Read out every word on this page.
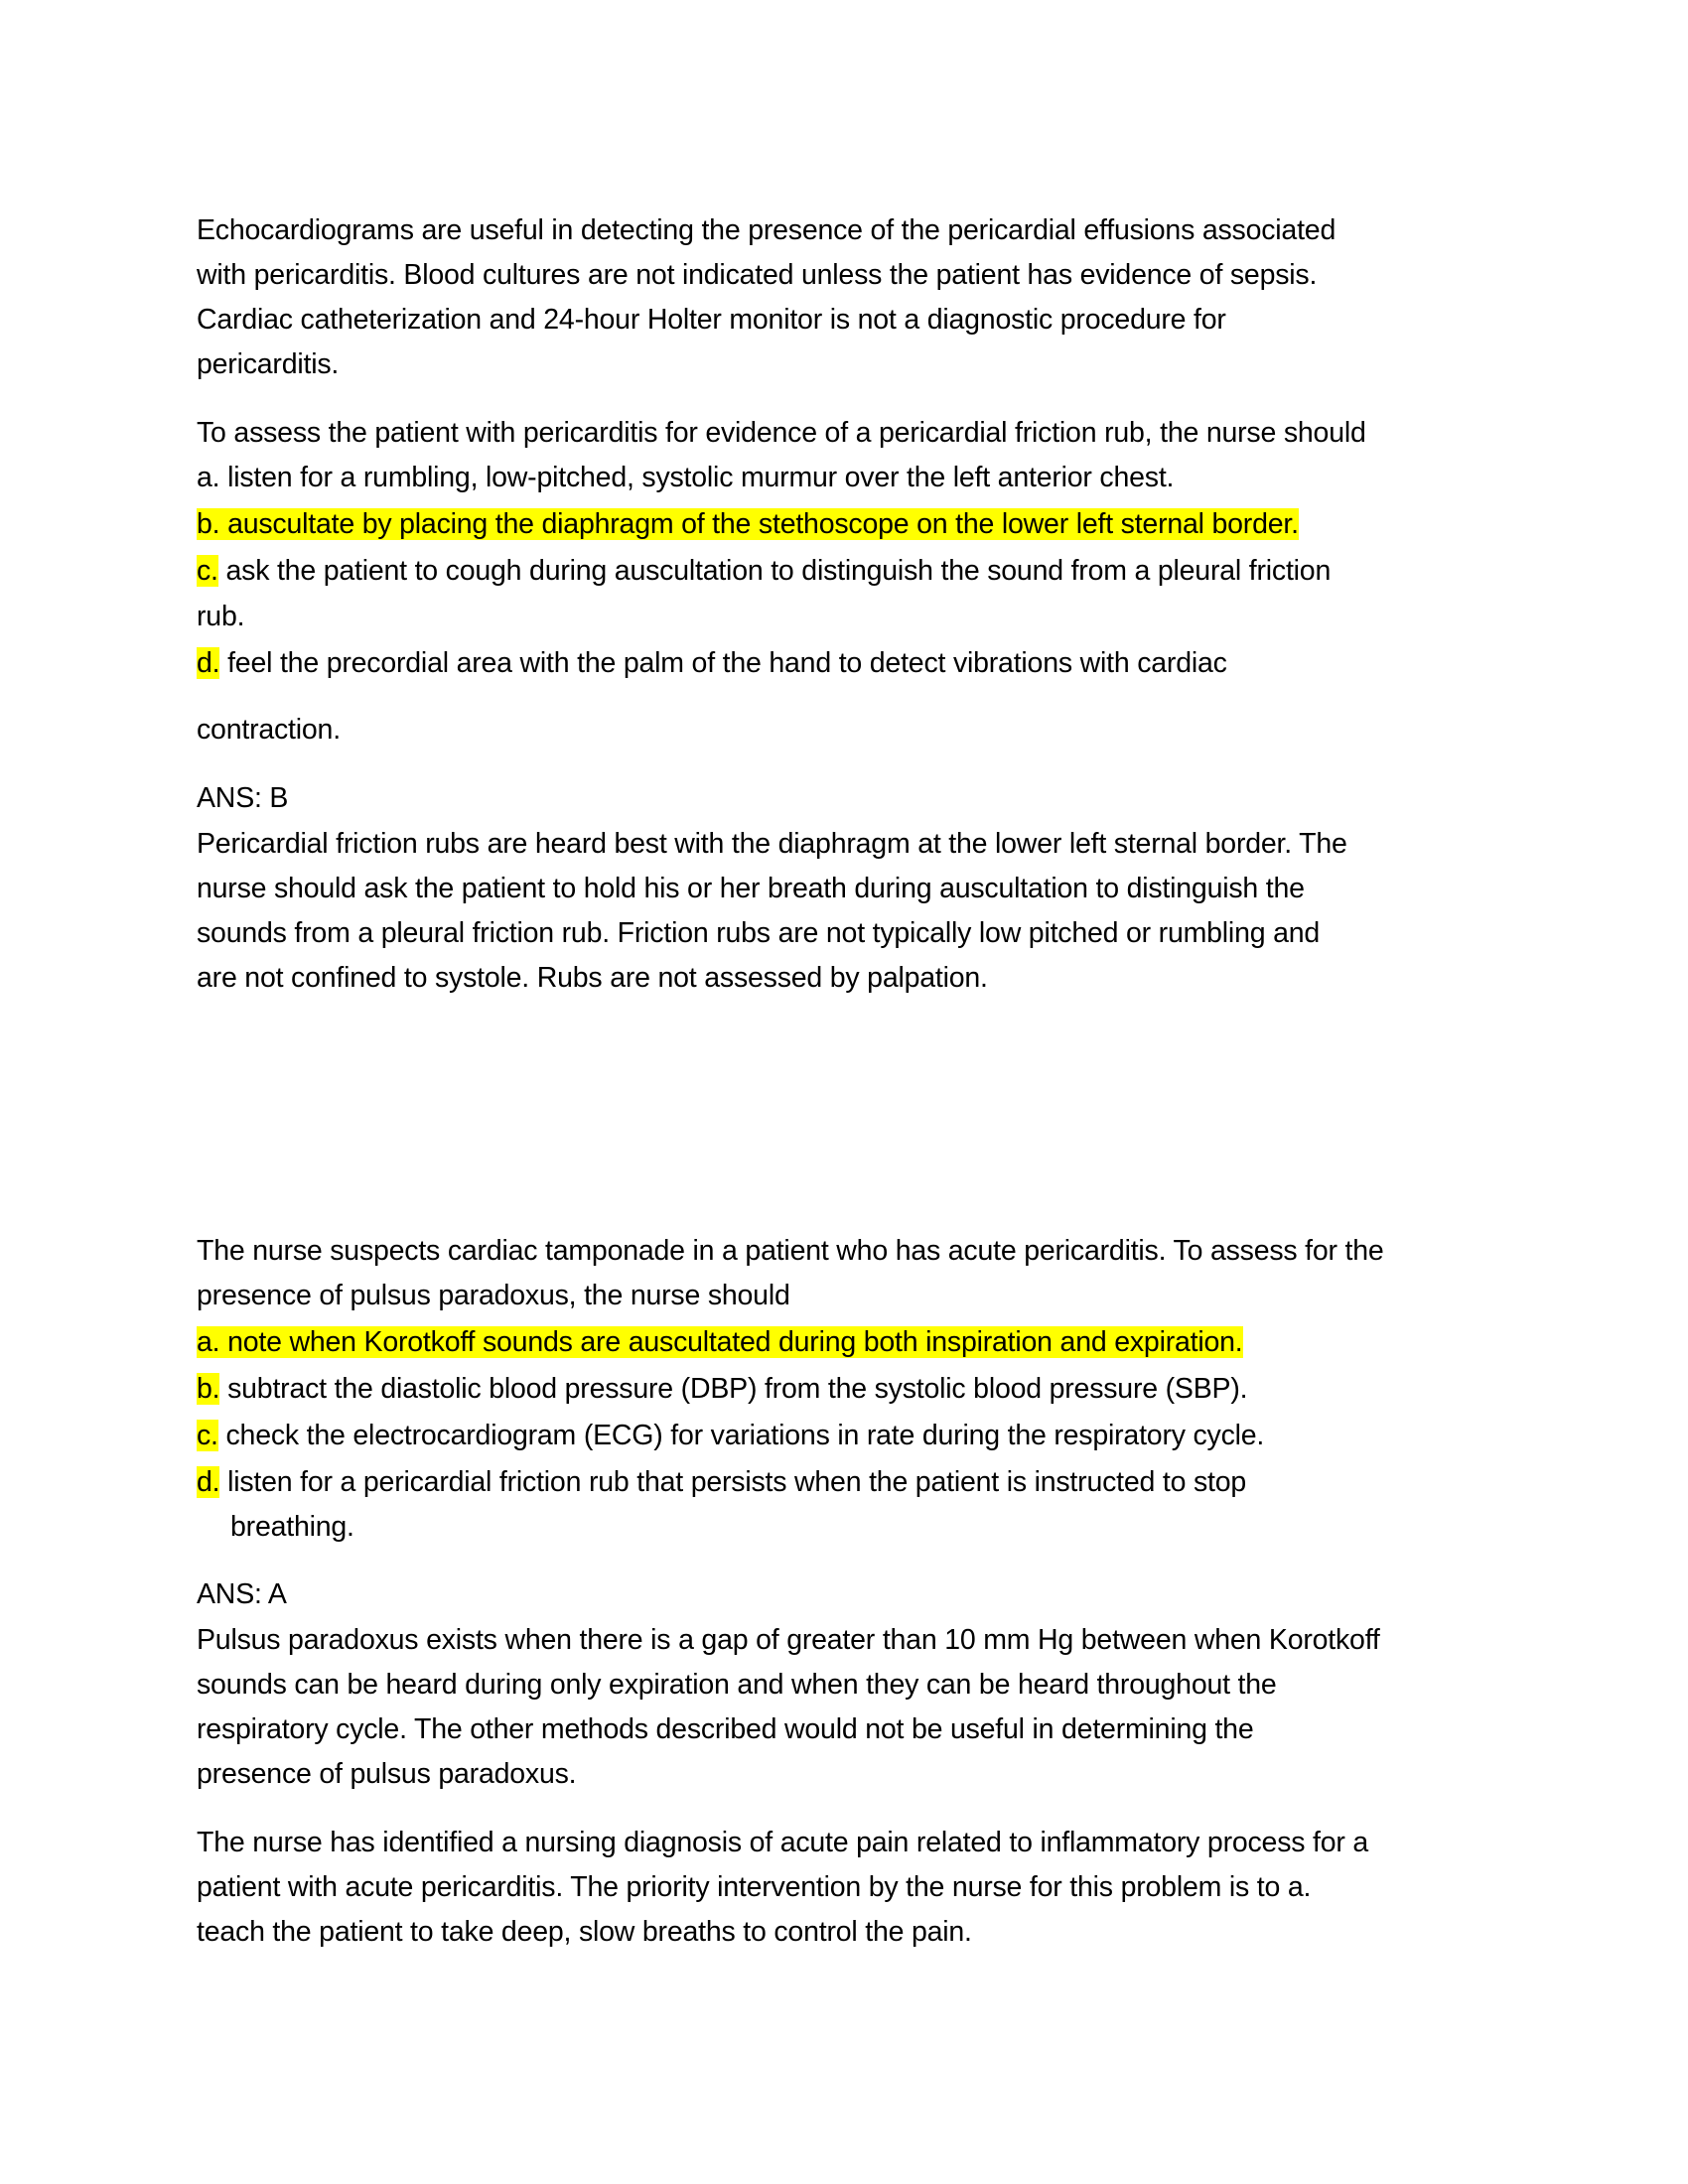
Echocardiograms are useful in detecting the presence of the pericardial effusions associated
with pericarditis. Blood cultures are not indicated unless the patient has evidence of sepsis.
Cardiac catheterization and 24-hour Holter monitor is not a diagnostic procedure for
pericarditis.
To assess the patient with pericarditis for evidence of a pericardial friction rub, the nurse should
a. listen for a rumbling, low-pitched, systolic murmur over the left anterior chest.
b. auscultate by placing the diaphragm of the stethoscope on the lower left sternal border.
c. ask the patient to cough during auscultation to distinguish the sound from a pleural friction
rub.
d. feel the precordial area with the palm of the hand to detect vibrations with cardiac
contraction.
ANS: B
Pericardial friction rubs are heard best with the diaphragm at the lower left sternal border. The
nurse should ask the patient to hold his or her breath during auscultation to distinguish the
sounds from a pleural friction rub. Friction rubs are not typically low pitched or rumbling and
are not confined to systole. Rubs are not assessed by palpation.
The nurse suspects cardiac tamponade in a patient who has acute pericarditis. To assess for the
presence of pulsus paradoxus, the nurse should
a. note when Korotkoff sounds are auscultated during both inspiration and expiration.
b. subtract the diastolic blood pressure (DBP) from the systolic blood pressure (SBP).
c. check the electrocardiogram (ECG) for variations in rate during the respiratory cycle.
d. listen for a pericardial friction rub that persists when the patient is instructed to stop
breathing.
ANS: A
Pulsus paradoxus exists when there is a gap of greater than 10 mm Hg between when Korotkoff
sounds can be heard during only expiration and when they can be heard throughout the
respiratory cycle. The other methods described would not be useful in determining the
presence of pulsus paradoxus.
The nurse has identified a nursing diagnosis of acute pain related to inflammatory process for a
patient with acute pericarditis. The priority intervention by the nurse for this problem is to a.
teach the patient to take deep, slow breaths to control the pain.
